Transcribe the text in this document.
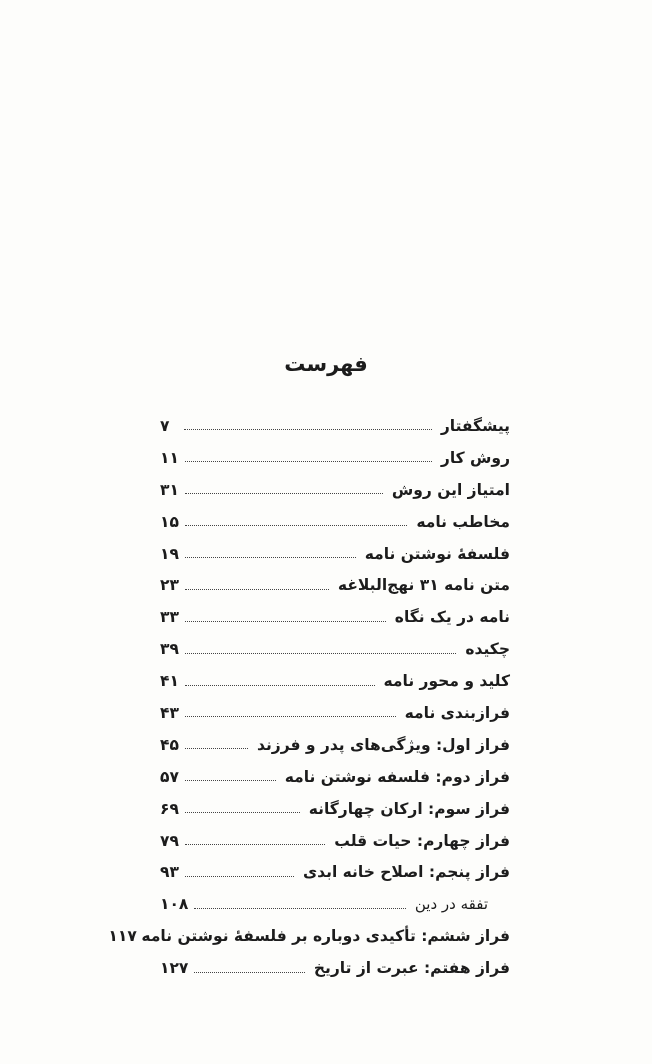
فهرست
پیشگفتار
۷
روش کار
۱۱
امتیاز این روش
۳۱
مخاطب نامه
۱۵
فلسفهٔ نوشتن نامه
۱۹
متن نامه ۳۱ نهج‌البلاغه
۲۳
نامه در یک نگاه
۳۳
چکیده
۳۹
کلید و محور نامه
۴۱
فرازبندی نامه
۴۳
فراز اول: ویژگی‌های پدر و فرزند
۴۵
فراز دوم: فلسفه نوشتن نامه
۵۷
فراز سوم: ارکان چهارگانه
۶۹
فراز چهارم: حیات قلب
۷۹
فراز پنجم: اصلاح خانه ابدی
۹۳
تفقه در دین
۱۰۸
فراز ششم: تأکیدی دوباره بر فلسفهٔ نوشتن نامه
۱۱۷
فراز هفتم: عبرت از تاریخ
۱۲۷
